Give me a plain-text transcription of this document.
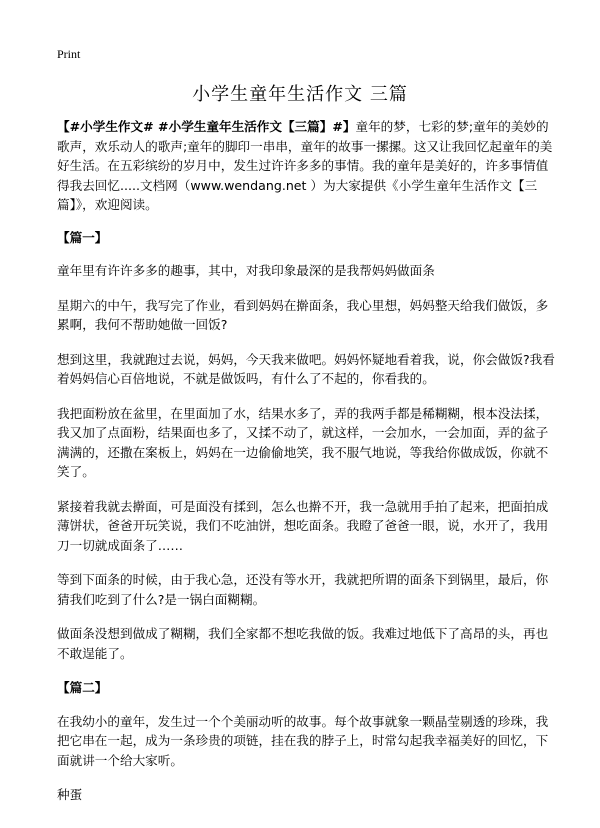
Print
小学生童年生活作文 三篇

【#小学生作文# #小学生童年生活作文【三篇】#】童年的梦，七彩的梦;童年的美妙的歌声，欢乐动人的歌声;童年的脚印一串串，童年的故事一摞摞。这又让我回忆起童年的美好生活。在五彩缤纷的岁月中，发生过许许多多的事情。我的童年是美好的，许多事情值得我去回忆.....文档网（www.wendang.net ）为大家提供《小学生童年生活作文【三篇】》，欢迎阅读。

【篇一】

童年里有许许多多的趣事，其中，对我印象最深的是我帮妈妈做面条

星期六的中午，我写完了作业，看到妈妈在擀面条，我心里想，妈妈整天给我们做饭，多累啊，我何不帮助她做一回饭?

想到这里，我就跑过去说，妈妈，今天我来做吧。妈妈怀疑地看着我，说，你会做饭?我看着妈妈信心百倍地说，不就是做饭吗，有什么了不起的，你看我的。

我把面粉放在盆里，在里面加了水，结果水多了，弄的我两手都是稀糊糊，根本没法揉，我又加了点面粉，结果面也多了，又揉不动了，就这样，一会加水，一会加面，弄的盆子满满的，还撒在案板上，妈妈在一边偷偷地笑，我不服气地说，等我给你做成饭，你就不笑了。

紧接着我就去擀面，可是面没有揉到，怎么也擀不开，我一急就用手拍了起来，把面拍成薄饼状，爸爸开玩笑说，我们不吃油饼，想吃面条。我瞪了爸爸一眼，说，水开了，我用刀一切就成面条了……

等到下面条的时候，由于我心急，还没有等水开，我就把所谓的面条下到锅里，最后，你猜我们吃到了什么?是一锅白面糊糊。

做面条没想到做成了糊糊，我们全家都不想吃我做的饭。我难过地低下了高昂的头，再也不敢逞能了。

【篇二】

在我幼小的童年，发生过一个个美丽动听的故事。每个故事就象一颗晶莹剔透的珍珠，我把它串在一起，成为一条珍贵的项链，挂在我的脖子上，时常勾起我幸福美好的回忆，下面就讲一个给大家听。

种蛋
